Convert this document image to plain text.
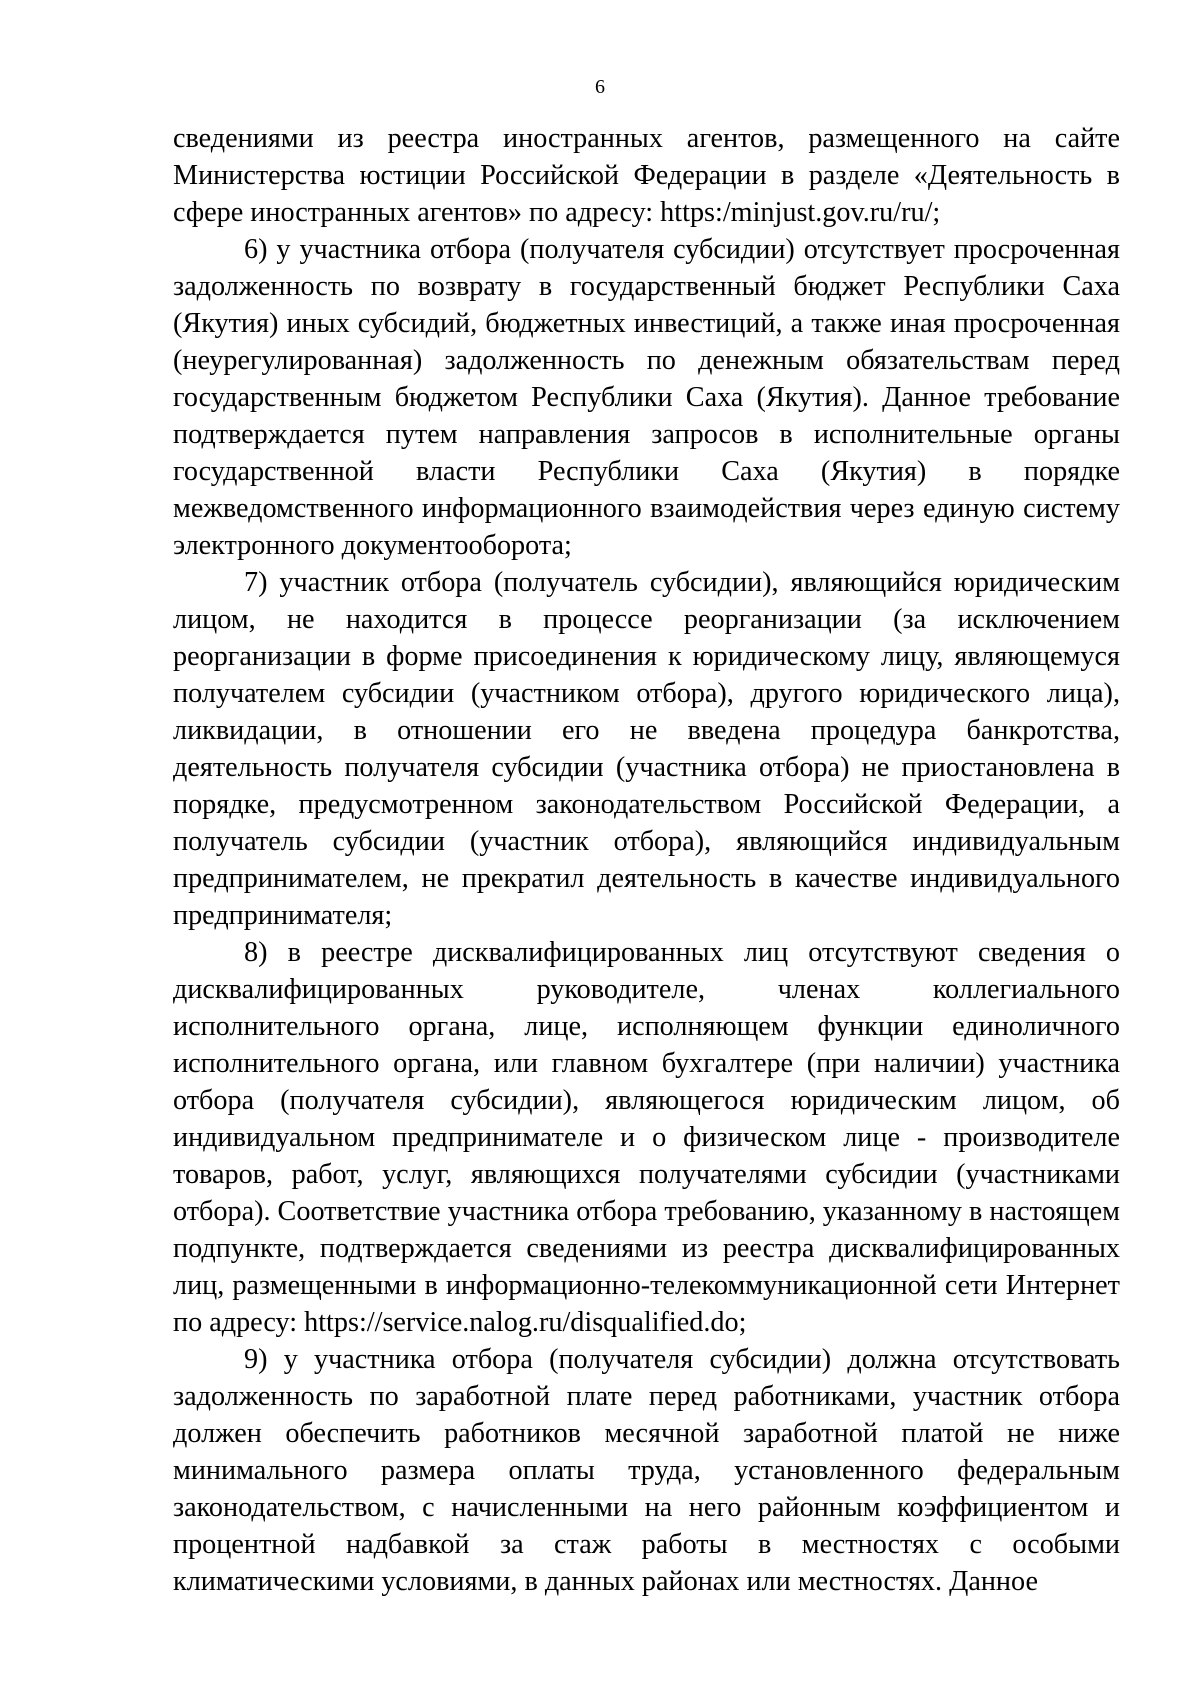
6

сведениями из реестра иностранных агентов, размещенного на сайте Министерства юстиции Российской Федерации в разделе «Деятельность в сфере иностранных агентов» по адресу: https:/minjust.gov.ru/ru/;

6) у участника отбора (получателя субсидии) отсутствует просроченная задолженность по возврату в государственный бюджет Республики Саха (Якутия) иных субсидий, бюджетных инвестиций, а также иная просроченная (неурегулированная) задолженность по денежным обязательствам перед государственным бюджетом Республики Саха (Якутия). Данное требование подтверждается путем направления запросов в исполнительные органы государственной власти Республики Саха (Якутия) в порядке межведомственного информационного взаимодействия через единую систему электронного документооборота;

7) участник отбора (получатель субсидии), являющийся юридическим лицом, не находится в процессе реорганизации (за исключением реорганизации в форме присоединения к юридическому лицу, являющемуся получателем субсидии (участником отбора), другого юридического лица), ликвидации, в отношении его не введена процедура банкротства, деятельность получателя субсидии (участника отбора) не приостановлена в порядке, предусмотренном законодательством Российской Федерации, а получатель субсидии (участник отбора), являющийся индивидуальным предпринимателем, не прекратил деятельность в качестве индивидуального предпринимателя;

8) в реестре дисквалифицированных лиц отсутствуют сведения о дисквалифицированных руководителе, членах коллегиального исполнительного органа, лице, исполняющем функции единоличного исполнительного органа, или главном бухгалтере (при наличии) участника отбора (получателя субсидии), являющегося юридическим лицом, об индивидуальном предпринимателе и о физическом лице - производителе товаров, работ, услуг, являющихся получателями субсидии (участниками отбора). Соответствие участника отбора требованию, указанному в настоящем подпункте, подтверждается сведениями из реестра дисквалифицированных лиц, размещенными в информационно-телекоммуникационной сети Интернет по адресу: https://service.nalog.ru/disqualified.do;

9) у участника отбора (получателя субсидии) должна отсутствовать задолженность по заработной плате перед работниками, участник отбора должен обеспечить работников месячной заработной платой не ниже минимального размера оплаты труда, установленного федеральным законодательством, с начисленными на него районным коэффициентом и процентной надбавкой за стаж работы в местностях с особыми климатическими условиями, в данных районах или местностях. Данное
